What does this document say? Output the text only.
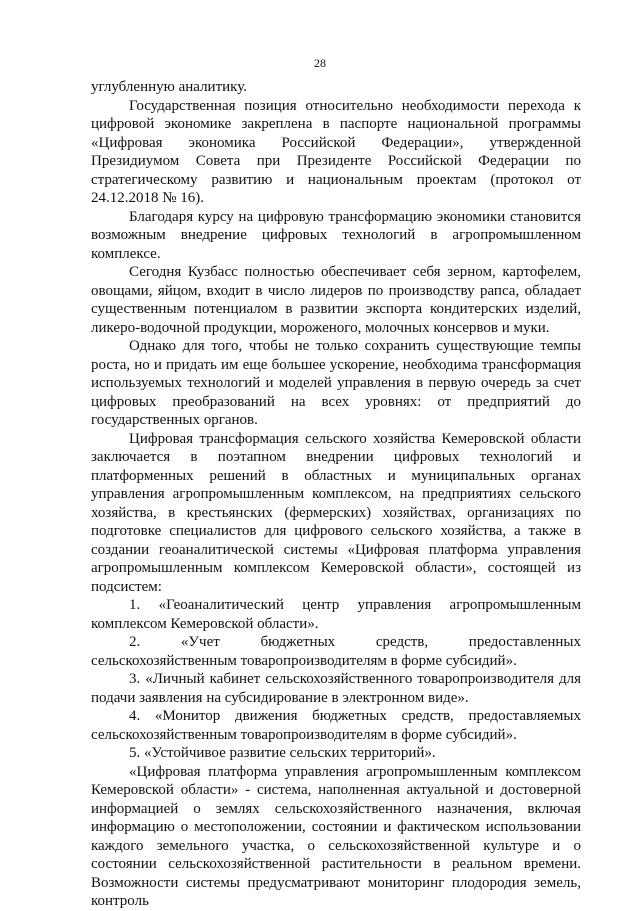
28

углубленную аналитику.

Государственная позиция относительно необходимости перехода к цифровой экономике закреплена в паспорте национальной программы «Цифровая экономика Российской Федерации», утвержденной Президиумом Совета при Президенте Российской Федерации по стратегическому развитию и национальным проектам (протокол от 24.12.2018 № 16).

Благодаря курсу на цифровую трансформацию экономики становится возможным внедрение цифровых технологий в агропромышленном комплексе.

Сегодня Кузбасс полностью обеспечивает себя зерном, картофелем, овощами, яйцом, входит в число лидеров по производству рапса, обладает существенным потенциалом в развитии экспорта кондитерских изделий, ликеро-водочной продукции, мороженого, молочных консервов и муки.

Однако для того, чтобы не только сохранить существующие темпы роста, но и придать им еще большее ускорение, необходима трансформация используемых технологий и моделей управления в первую очередь за счет цифровых преобразований на всех уровнях: от предприятий до государственных органов.

Цифровая трансформация сельского хозяйства Кемеровской области заключается в поэтапном внедрении цифровых технологий и платформенных решений в областных и муниципальных органах управления агропромышленным комплексом, на предприятиях сельского хозяйства, в крестьянских (фермерских) хозяйствах, организациях по подготовке специалистов для цифрового сельского хозяйства, а также в создании геоаналитической системы «Цифровая платформа управления агропромышленным комплексом Кемеровской области», состоящей из подсистем:

1. «Геоаналитический центр управления агропромышленным комплексом Кемеровской области».

2. «Учет бюджетных средств, предоставленных сельскохозяйственным товаропроизводителям в форме субсидий».

3. «Личный кабинет сельскохозяйственного товаропроизводителя для подачи заявления на субсидирование в электронном виде».

4. «Монитор движения бюджетных средств, предоставляемых сельскохозяйственным товаропроизводителям в форме субсидий».

5. «Устойчивое развитие сельских территорий».

«Цифровая платформа управления агропромышленным комплексом Кемеровской области» - система, наполненная актуальной и достоверной информацией о землях сельскохозяйственного назначения, включая информацию о местоположении, состоянии и фактическом использовании каждого земельного участка, о сельскохозяйственной культуре и о состоянии сельскохозяйственной растительности в реальном времени. Возможности системы предусматривают мониторинг плодородия земель, контроль
